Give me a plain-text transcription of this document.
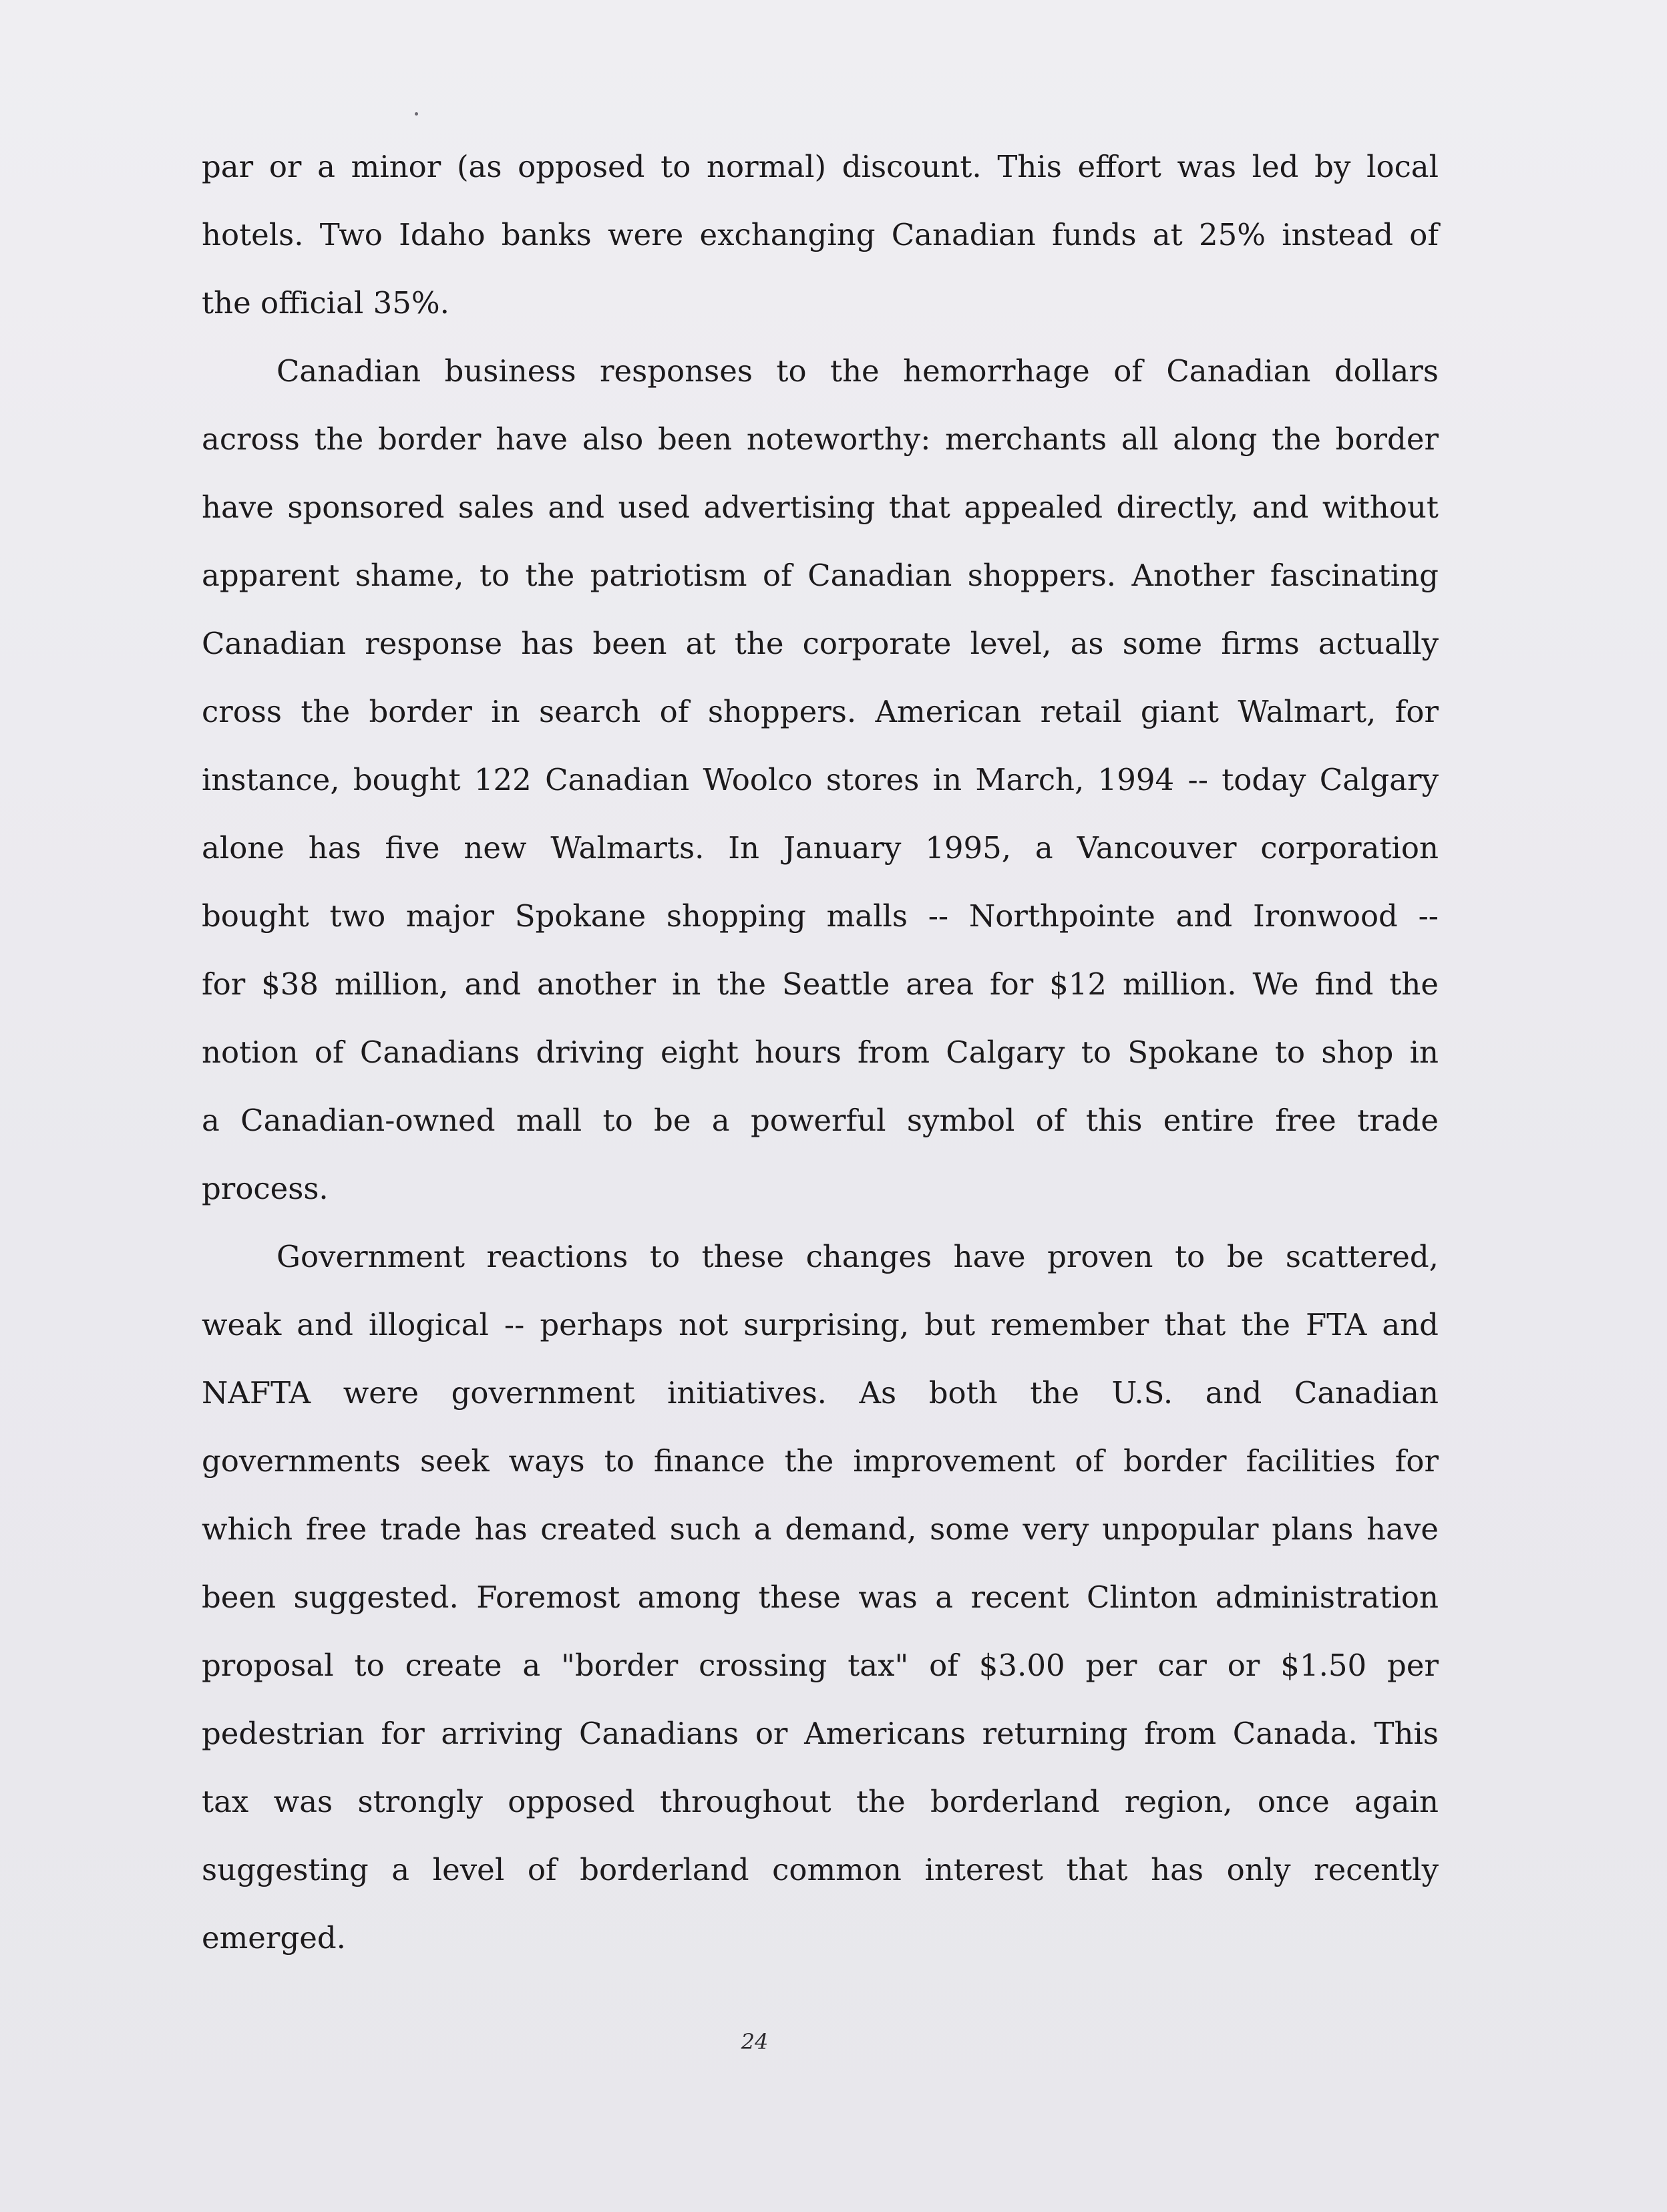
par or a minor (as opposed to normal) discount. This effort was led by local
hotels. Two Idaho banks were exchanging Canadian funds at 25% instead of
the official 35%.
Canadian business responses to the hemorrhage of Canadian dollars
across the border have also been noteworthy: merchants all along the border
have sponsored sales and used advertising that appealed directly, and without
apparent shame, to the patriotism of Canadian shoppers. Another fascinating
Canadian response has been at the corporate level, as some firms actually
cross the border in search of shoppers. American retail giant Walmart, for
instance, bought 122 Canadian Woolco stores in March, 1994 -- today Calgary
alone has five new Walmarts. In January 1995, a Vancouver corporation
bought two major Spokane shopping malls -- Northpointe and Ironwood --
for $38 million, and another in the Seattle area for $12 million. We find the
notion of Canadians driving eight hours from Calgary to Spokane to shop in
a Canadian-owned mall to be a powerful symbol of this entire free trade
process.
Government reactions to these changes have proven to be scattered,
weak and illogical -- perhaps not surprising, but remember that the FTA and
NAFTA were government initiatives. As both the U.S. and Canadian
governments seek ways to finance the improvement of border facilities for
which free trade has created such a demand, some very unpopular plans have
been suggested. Foremost among these was a recent Clinton administration
proposal to create a "border crossing tax" of $3.00 per car or $1.50 per
pedestrian for arriving Canadians or Americans returning from Canada. This
tax was strongly opposed throughout the borderland region, once again
suggesting a level of borderland common interest that has only recently
emerged.
24
